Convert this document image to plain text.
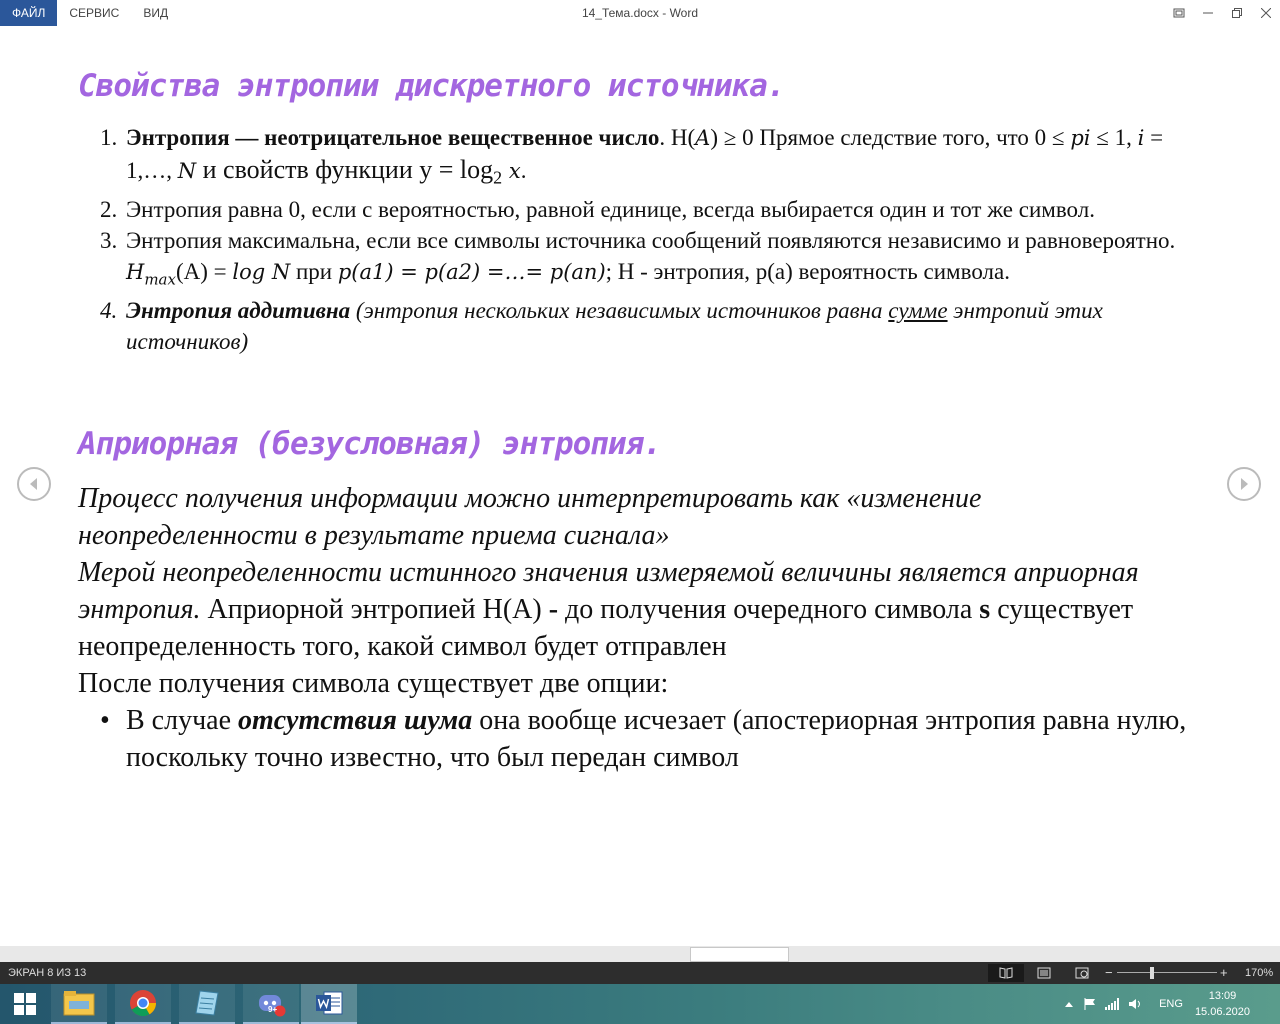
ФАЙЛ	СЕРВИС	ВИД	14_Тема.docx - Word
Свойства энтропии дискретного источника.
1. Энтропия — неотрицательное вещественное число. Н(A) ≥ 0 Прямое следствие того, что 0 ≤ pi ≤ 1, i = 1,…, N и свойств функции $у = \log_2 x$.
2. Энтропия равна 0, если с вероятностью, равной единице, всегда выбирается один и тот же символ.
3. Энтропия максимальна, если все символы источника сообщений появляются независимо и равновероятно.
$H_{max}(А) = \log N$ при p(a1) = p(a2) =…= p(an); H - энтропия, p(a) вероятность символа.
4. Энтропия аддитивна (энтропия нескольких независимых источников равна сумме энтропий этих источников)
Априорная (безусловная) энтропия.
Процесс получения информации можно интерпретировать как «изменение неопределенности в результате приема сигнала»
Мерой неопределенности истинного значения измеряемой величины является априорная энтропия. Априорной энтропией Н(А) - до получения очередного символа s существует неопределенность того, какой символ будет отправлен
После получения символа существует две опции:
• В случае отсутствия шума она вообще исчезает (апостериорная энтропия равна нулю, поскольку точно известно, что был передан символ
ЭКРАН 8 ИЗ 13	−	+ 170%
9+	ENG
13:09
15.06.2020
